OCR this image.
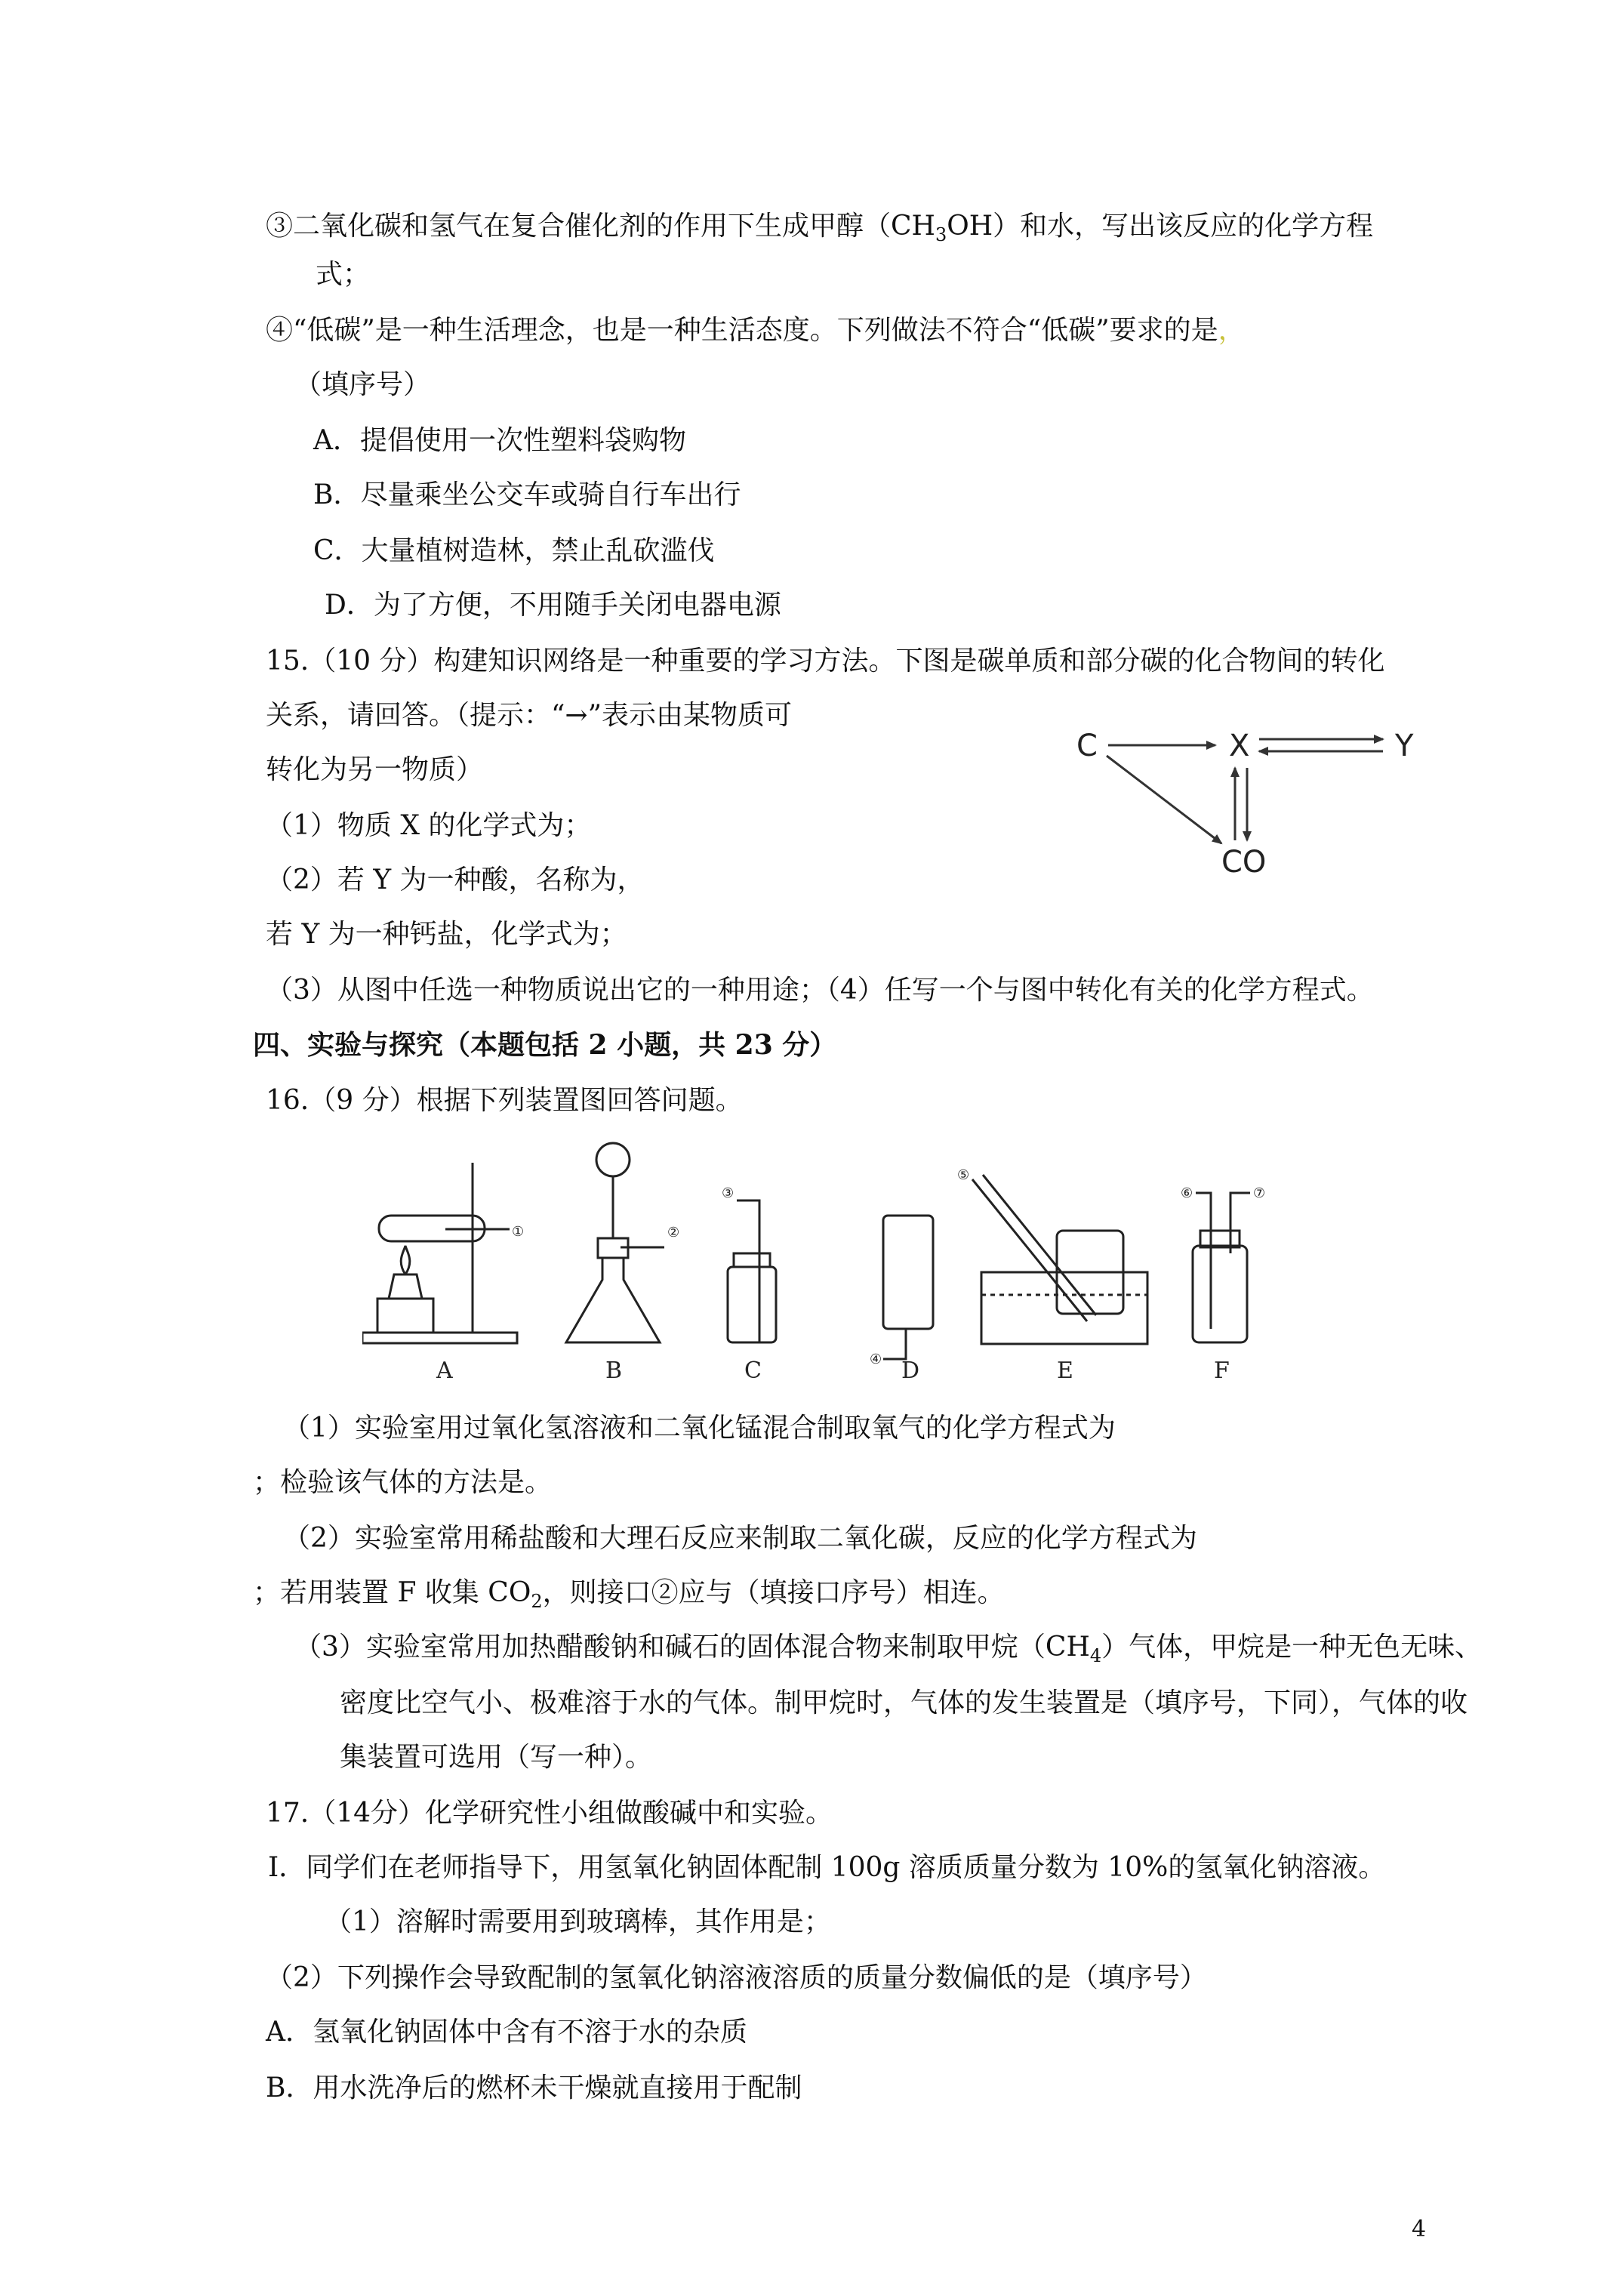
③二氧化碳和氢气在复合催化剂的作用下生成甲醇$(CH_3OH)$和水，写出该反应的化学方程
式；
④“低碳”是一种生活理念，也是一种生活态度。下列做法不符合“低碳”要求的是，
（填序号）
A．提倡使用一次性塑料袋购物
B．尽量乘坐公交车或骑自行车出行
C．大量植树造林，禁止乱砍滥伐
D．为了方便，不用随手关闭电器电源
15.（10 分）构建知识网络是一种重要的学习方法。下图是碳单质和部分碳的化合物间的转化
关系，请回答。（提示：“→”表示由某物质可
转化为另一物质）
（1）物质 X 的化学式为；
（2）若 Y 为一种酸，名称为，
若 Y 为一种钙盐，化学式为；
（3）从图中任选一种物质说出它的一种用途；（4）任写一个与图中转化有关的化学方程式。
C	X	Y
CO
四、实验与探究（本题包括 2 小题，共 23 分）
16.（9 分）根据下列装置图回答问题。
①	②
③
④
⑤
⑥	⑦
A	B	C	D	E	F
（1）实验室用过氧化氢溶液和二氧化锰混合制取氧气的化学方程式为
；检验该气体的方法是。
（2）实验室常用稀盐酸和大理石反应来制取二氧化碳，反应的化学方程式为
；若用装置 F 收集 $CO_2$，则接口②应与（填接口序号）相连。
（3）实验室常用加热醋酸钠和碱石的固体混合物来制取甲烷$(CH_4)$气体，甲烷是一种无色无味、
密度比空气小、极难溶于水的气体。制甲烷时，气体的发生装置是（填序号，下同），气体的收
集装置可选用（写一种）。
17.（14分）化学研究性小组做酸碱中和实验。
Ⅰ．同学们在老师指导下，用氢氧化钠固体配制 100g 溶质质量分数为 10%的氢氧化钠溶液。
（1）溶解时需要用到玻璃棒，其作用是；
（2）下列操作会导致配制的氢氧化钠溶液溶质的质量分数偏低的是（填序号）
A．氢氧化钠固体中含有不溶于水的杂质
B．用水洗净后的燃杯未干燥就直接用于配制
4
